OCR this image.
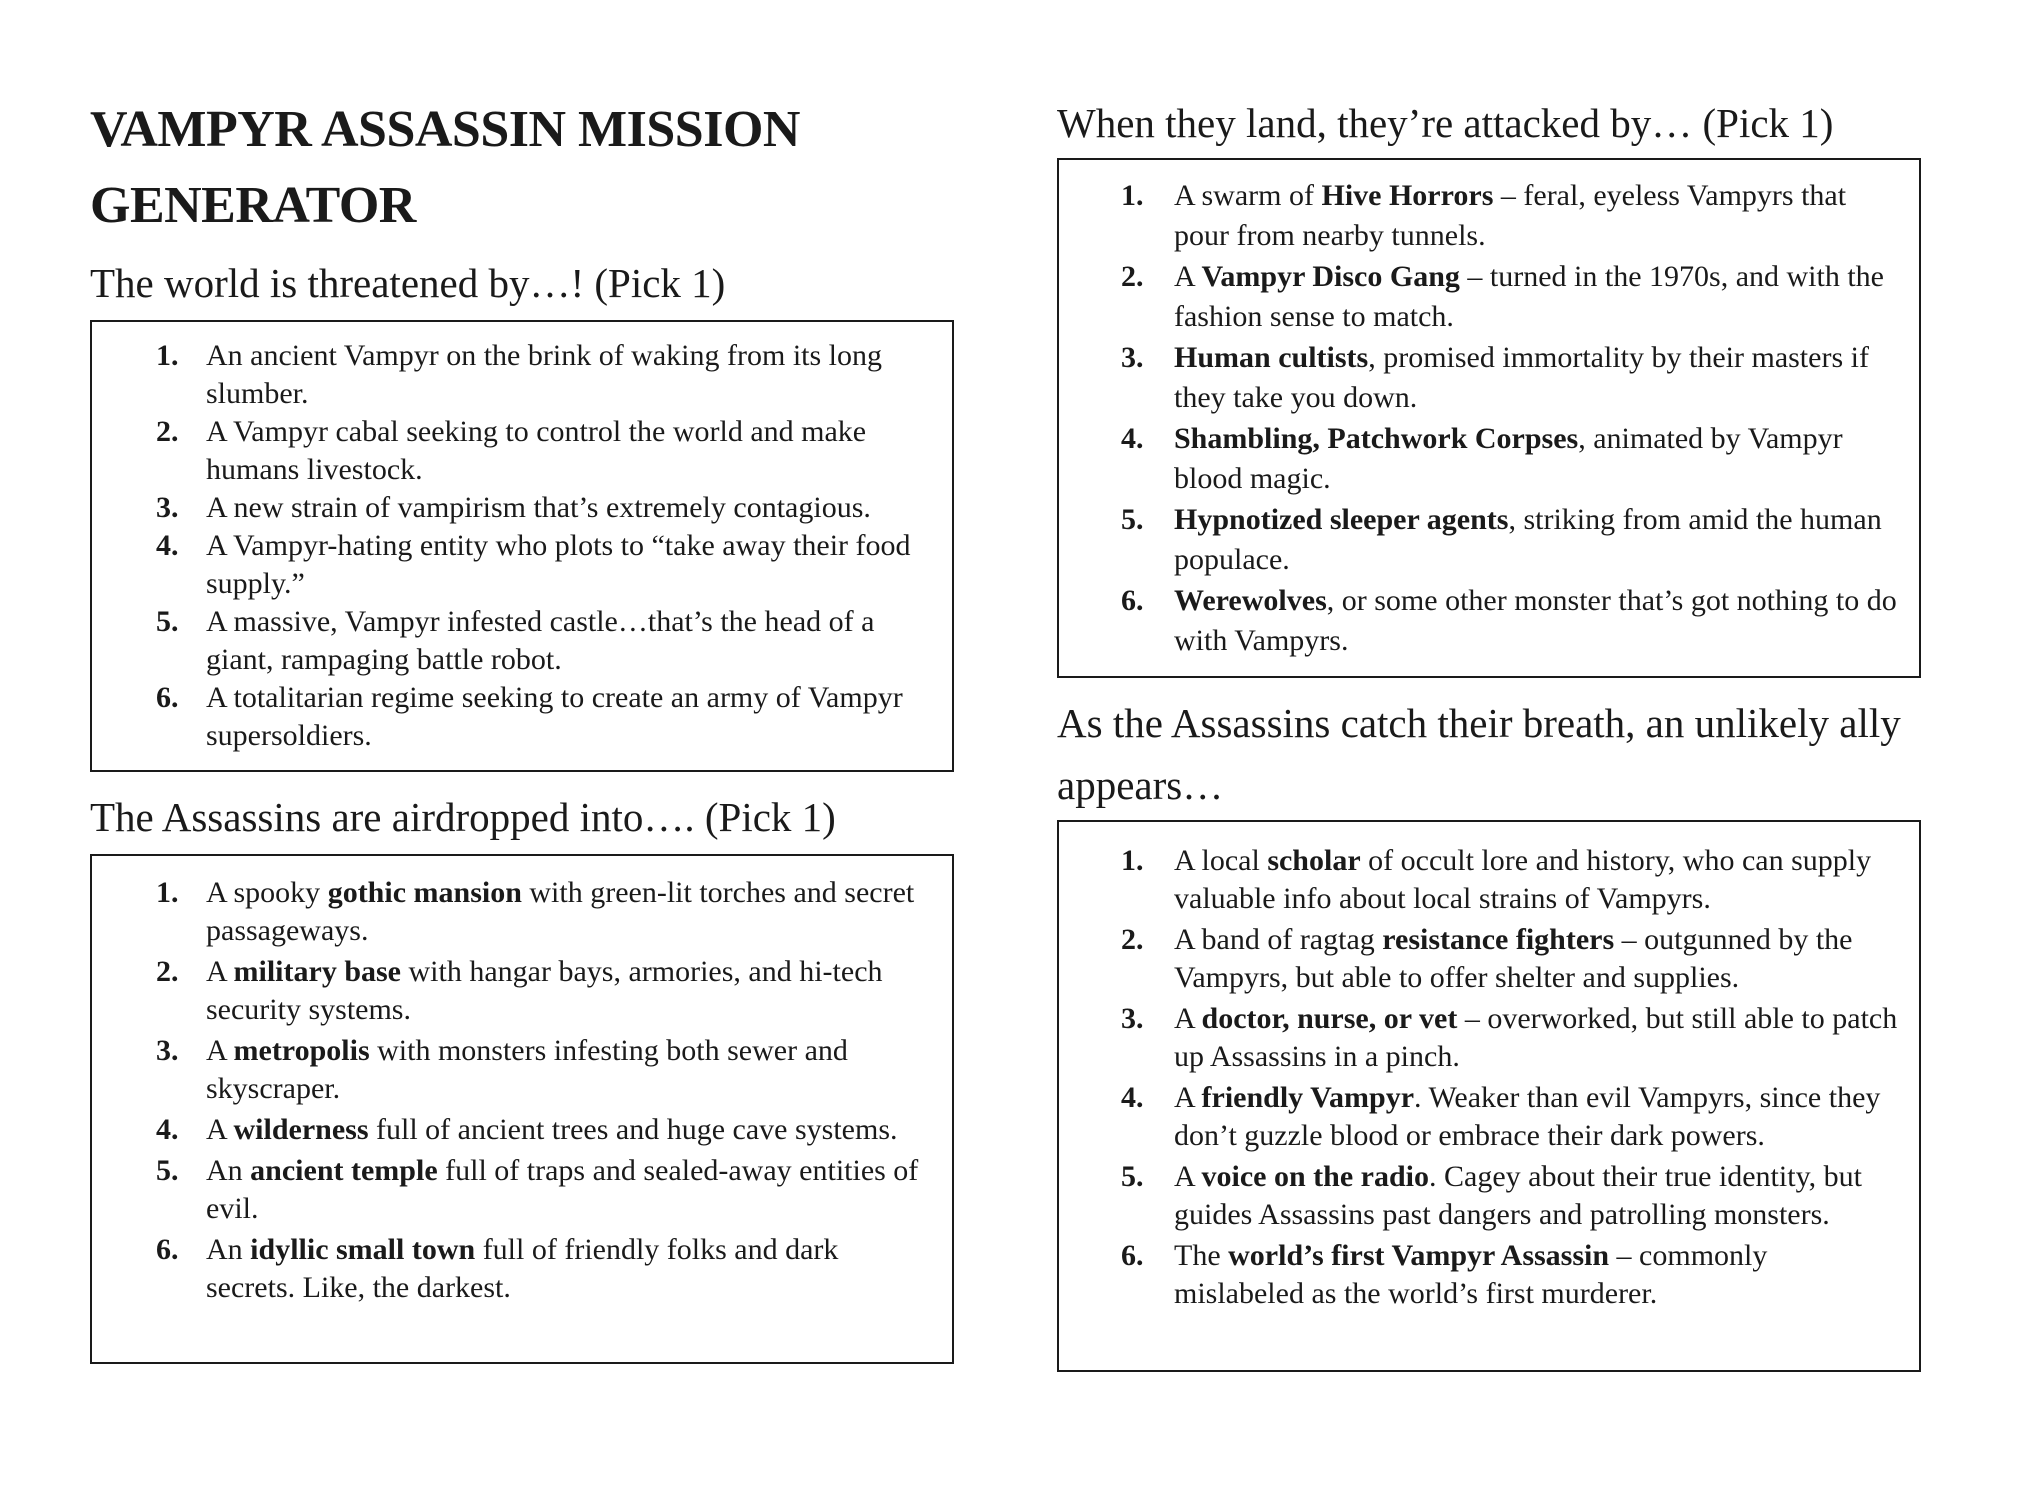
VAMPYR ASSASSIN MISSION GENERATOR
The world is threatened by…! (Pick 1)
1. An ancient Vampyr on the brink of waking from its long slumber.
2. A Vampyr cabal seeking to control the world and make humans livestock.
3. A new strain of vampirism that’s extremely contagious.
4. A Vampyr-hating entity who plots to “take away their food supply.”
5. A massive, Vampyr infested castle…that’s the head of a giant, rampaging battle robot.
6. A totalitarian regime seeking to create an army of Vampyr supersoldiers.
The Assassins are airdropped into…. (Pick 1)
1. A spooky gothic mansion with green-lit torches and secret passageways.
2. A military base with hangar bays, armories, and hi-tech security systems.
3. A metropolis with monsters infesting both sewer and skyscraper.
4. A wilderness full of ancient trees and huge cave systems.
5. An ancient temple full of traps and sealed-away entities of evil.
6. An idyllic small town full of friendly folks and dark secrets. Like, the darkest.
When they land, they’re attacked by… (Pick 1)
1. A swarm of Hive Horrors – feral, eyeless Vampyrs that pour from nearby tunnels.
2. A Vampyr Disco Gang – turned in the 1970s, and with the fashion sense to match.
3. Human cultists, promised immortality by their masters if they take you down.
4. Shambling, Patchwork Corpses, animated by Vampyr blood magic.
5. Hypnotized sleeper agents, striking from amid the human populace.
6. Werewolves, or some other monster that’s got nothing to do with Vampyrs.
As the Assassins catch their breath, an unlikely ally appears…
1. A local scholar of occult lore and history, who can supply valuable info about local strains of Vampyrs.
2. A band of ragtag resistance fighters – outgunned by the Vampyrs, but able to offer shelter and supplies.
3. A doctor, nurse, or vet – overworked, but still able to patch up Assassins in a pinch.
4. A friendly Vampyr. Weaker than evil Vampyrs, since they don’t guzzle blood or embrace their dark powers.
5. A voice on the radio. Cagey about their true identity, but guides Assassins past dangers and patrolling monsters.
6. The world’s first Vampyr Assassin – commonly mislabeled as the world’s first murderer.
